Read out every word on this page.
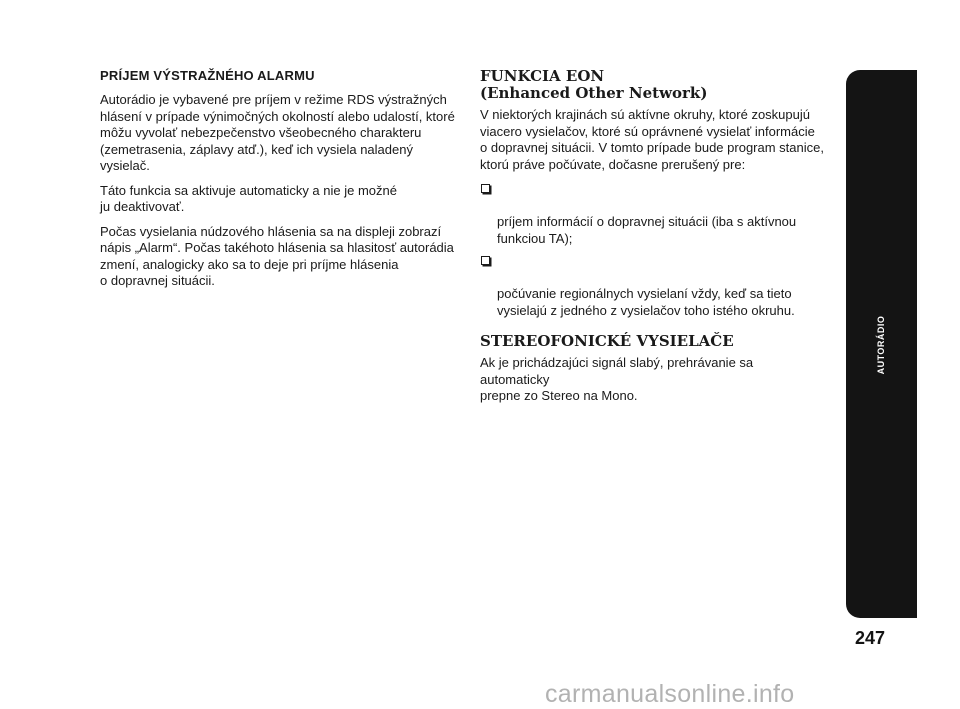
PRÍJEM VÝSTRAŽNÉHO ALARMU

Autorádio je vybavené pre príjem v režime RDS výstražných
hlásení v prípade výnimočných okolností alebo udalostí, ktoré
môžu vyvolať nebezpečenstvo všeobecného charakteru
(zemetrasenia, záplavy atď.), keď ich vysiela naladený vysielač.

Táto funkcia sa aktivuje automaticky a nie je možné
ju deaktivovať.

Počas vysielania núdzového hlásenia sa na displeji zobrazí
nápis „Alarm“. Počas takéhoto hlásenia sa hlasitosť autorádia
zmení, analogicky ako sa to deje pri príjme hlásenia
o dopravnej situácii.

FUNKCIA EON
(Enhanced Other Network)

V niektorých krajinách sú aktívne okruhy, ktoré zoskupujú
viacero vysielačov, ktoré sú oprávnené vysielať informácie
o dopravnej situácii. V tomto prípade bude program stanice,
ktorú práve počúvate, dočasne prerušený pre:

príjem informácií o dopravnej situácii (iba s aktívnou
funkciou TA);

počúvanie regionálnych vysielaní vždy, keď sa tieto
vysielajú z jedného z vysielačov toho istého okruhu.

STEREOFONICKÉ VYSIELAČE

Ak je prichádzajúci signál slabý, prehrávanie sa automaticky
prepne zo Stereo na Mono.

AUTORÁDIO
247
carmanualsonline.info
